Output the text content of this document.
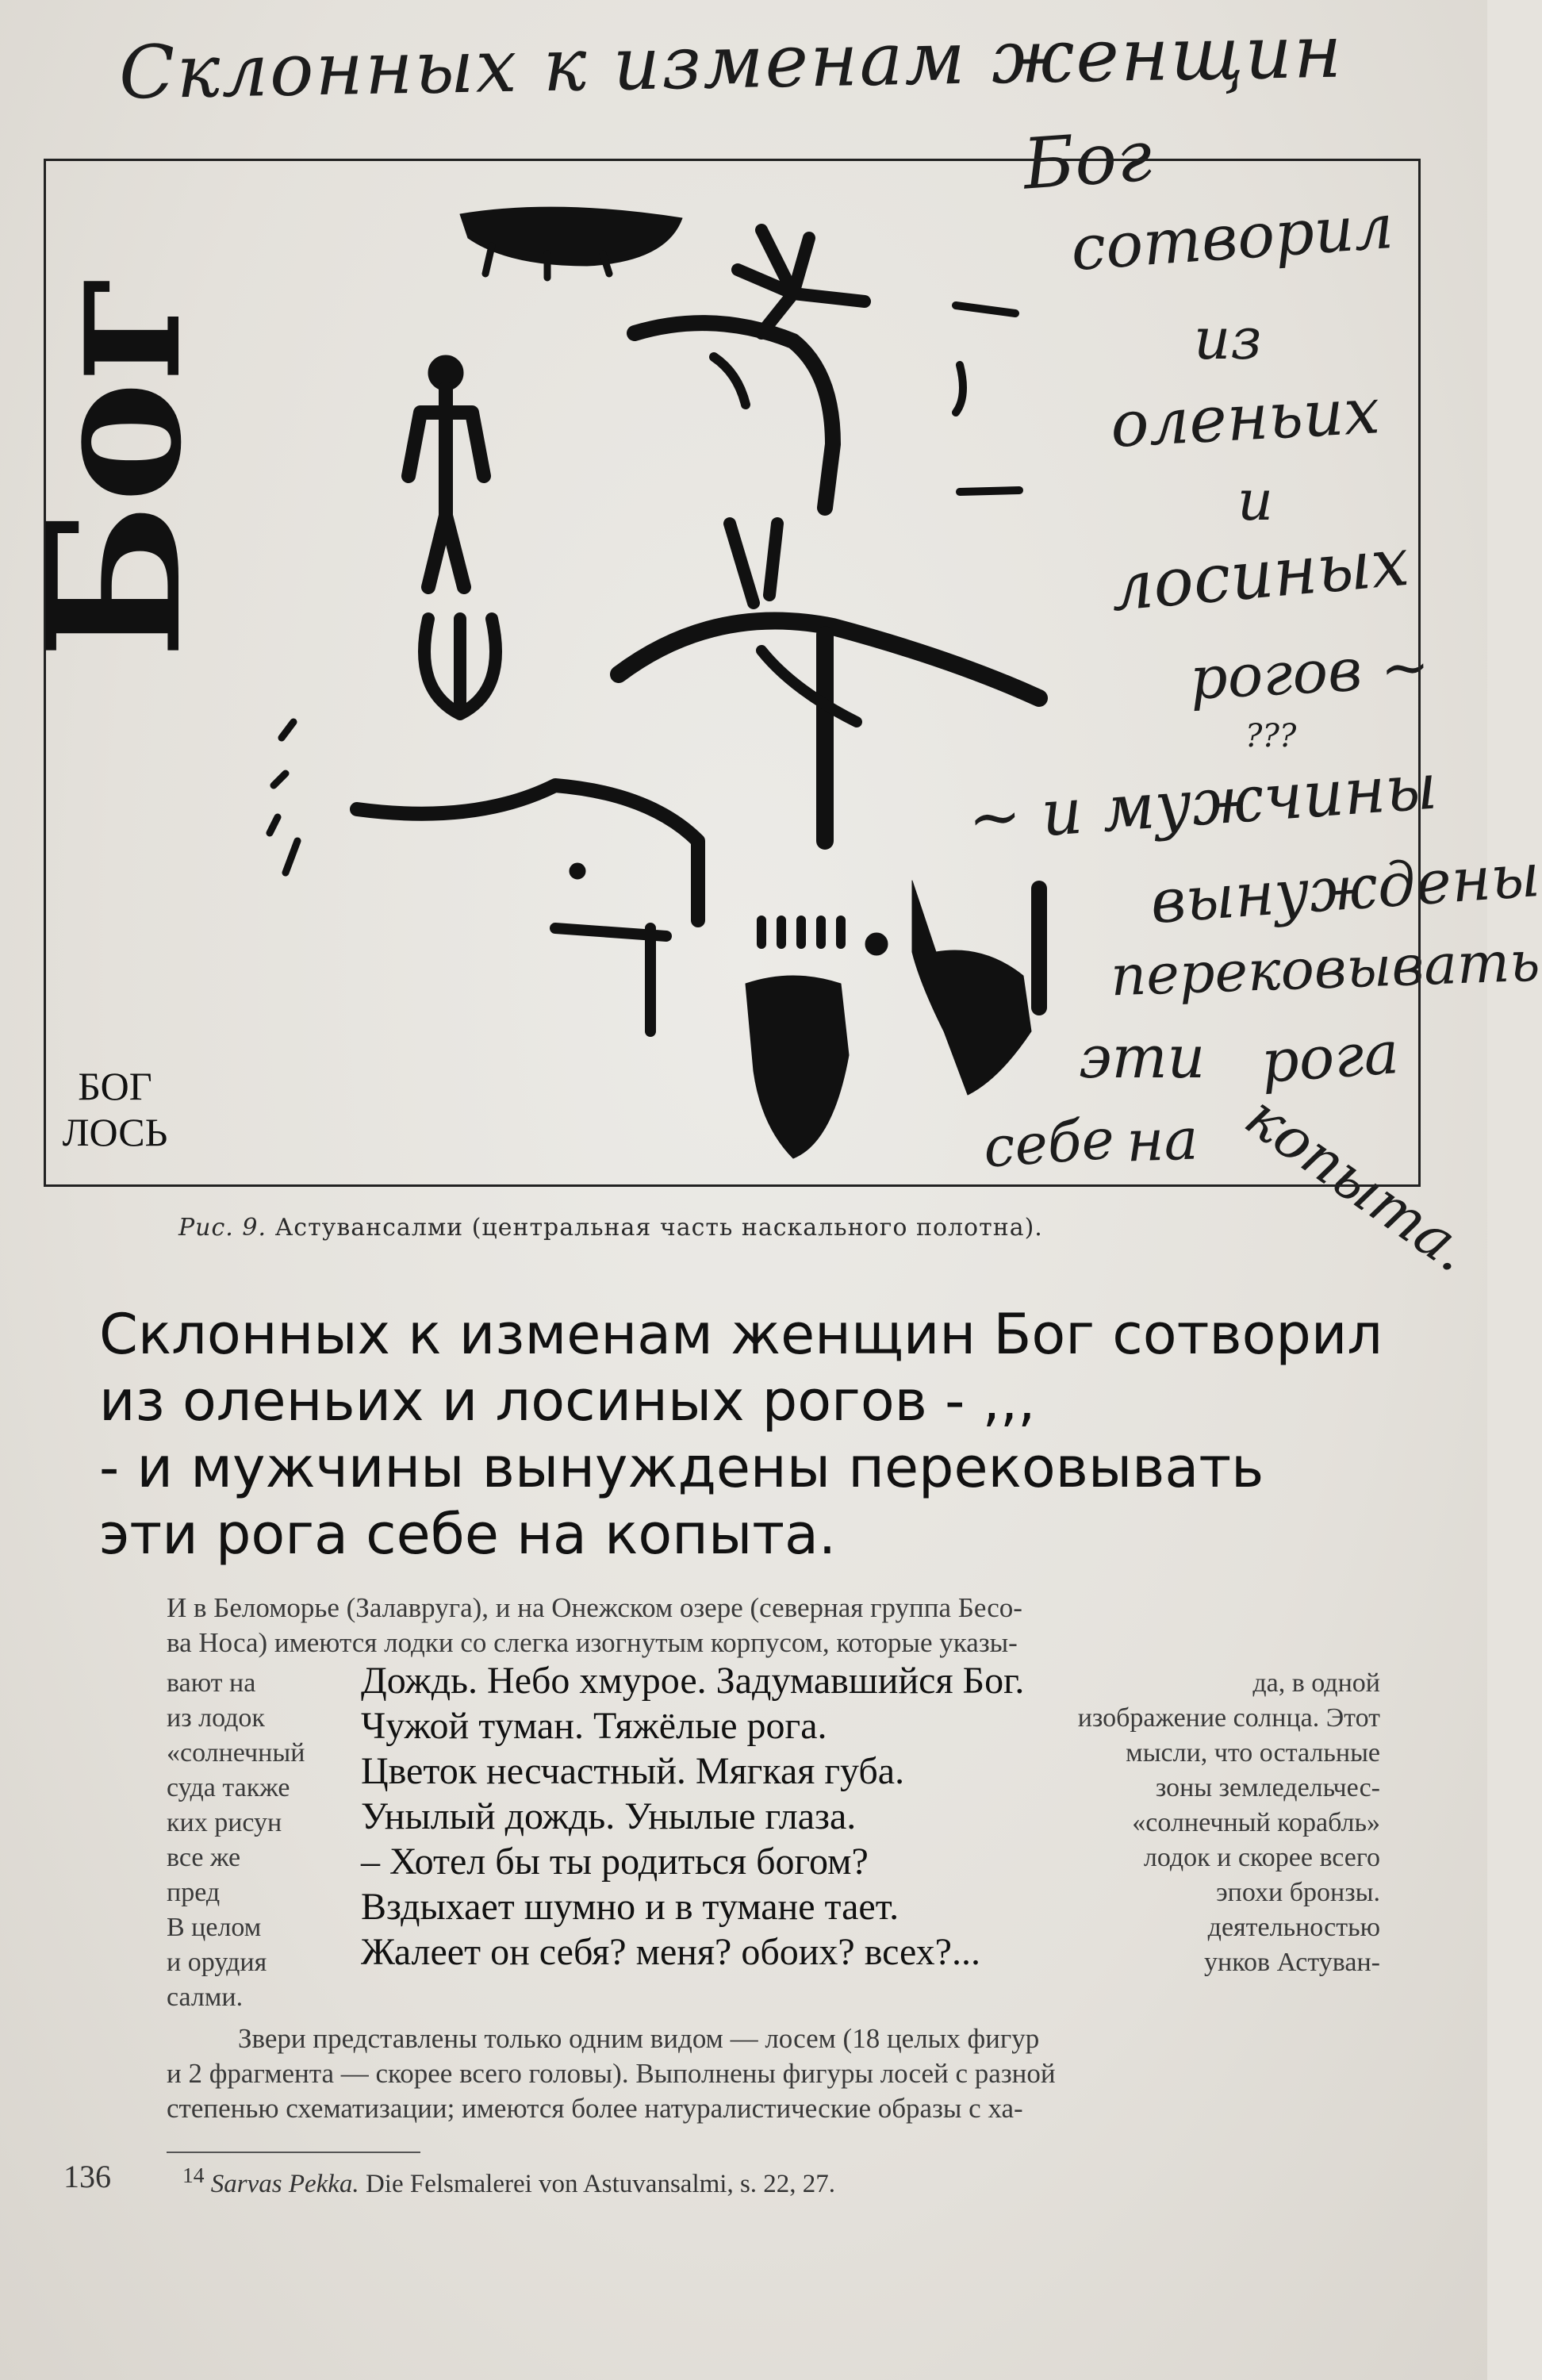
Склонных к изменам женщин
Бог
сотворил
из
оленьих
и
лосиных
рогов ~
???
~ и мужчины
вынуждены
перековывать
эти рога
себе на копыта.
Бог
БОГ
ЛОСЬ
Рис. 9. Астувансалми (центральная часть наскального полотна).
Склонных к изменам женщин Бог сотворил
из оленьих и лосиных рогов - ,,,
- и мужчины вынуждены перековывать
эти рога себе на копыта.
И в Беломорье (Залавруга), и на Онежском озере (северная группа Бесо-
ва Носа) имеются лодки со слегка изогнутым корпусом, которые указы-
вают на
из лодок
«солнечный
суда также
ких рисун
все же
пред
В целом
и орудия
салми.
да, в одной
изображение солнца. Этот
мысли, что остальные
зоны земледельчес-
«солнечный корабль»
лодок и скорее всего
эпохи бронзы.
деятельностью
унков Астуван-
Дождь. Небо хмурое. Задумавшийся Бог.
Чужой туман. Тяжёлые рога.
Цветок несчастный. Мягкая губа.
Унылый дождь. Унылые глаза.
– Хотел бы ты родиться богом?
Вздыхает шумно и в тумане тает.
Жалеет он себя? меня? обоих? всех?...
Звери представлены только одним видом — лосем (18 целых фигур
и 2 фрагмента — скорее всего головы). Выполнены фигуры лосей с разной
степенью схематизации; имеются более натуралистические образы с ха-
136	$^{14}$ Sarvas Pekka. Die Felsmalerei von Astuvansalmi, s. 22, 27.
